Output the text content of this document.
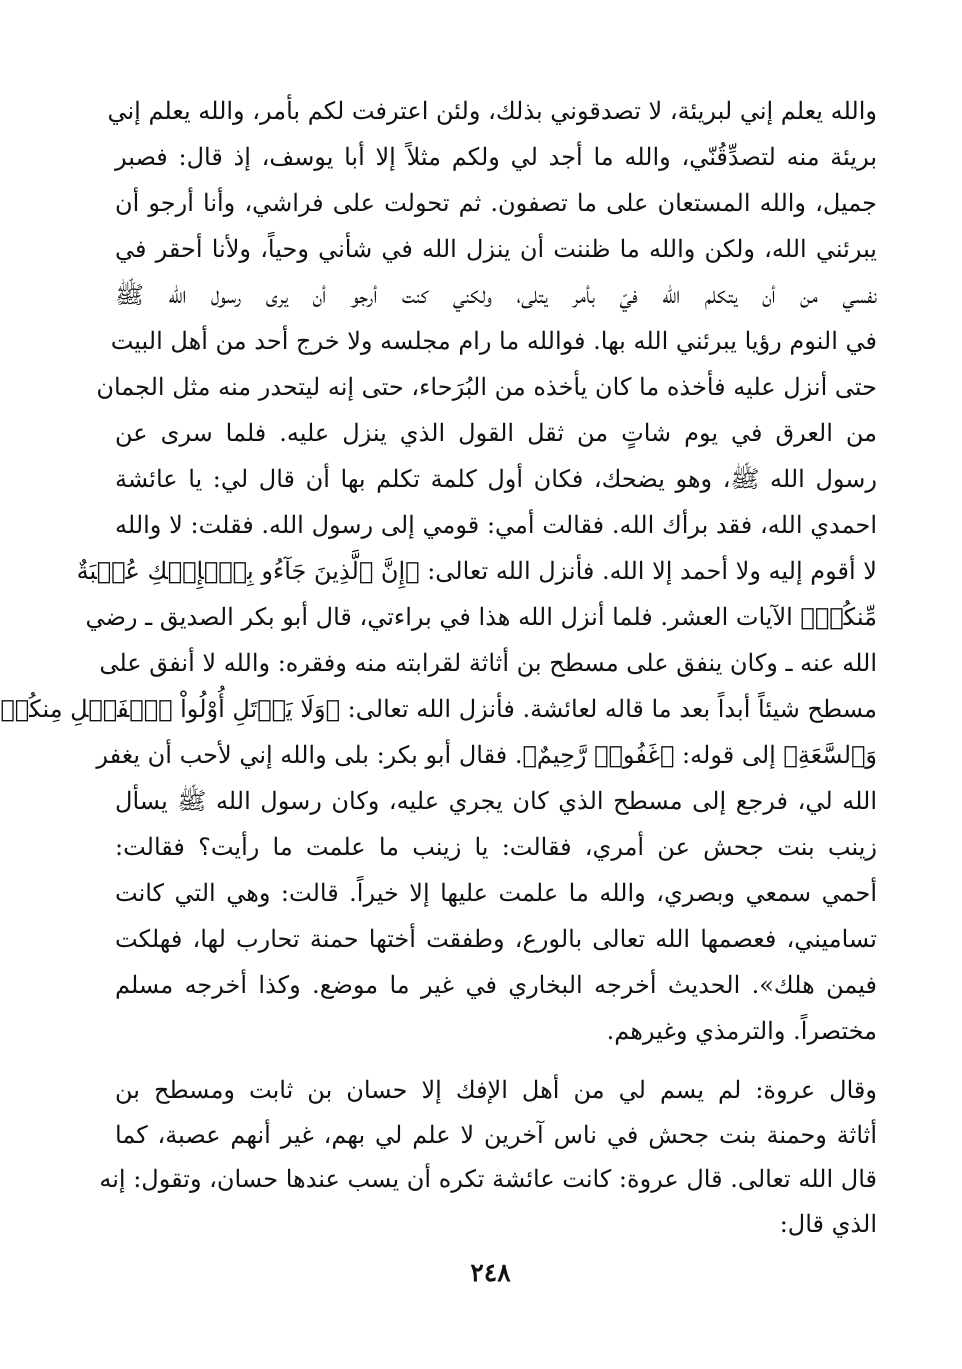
والله يعلم إني لبريئة، لا تصدقوني بذلك، ولئن اعترفت لكم بأمر، والله يعلم إني
بريئة منه لتصدِّقُنّي، والله ما أجد لي ولكم مثلاً إلا أبا يوسف، إذ قال: فصبر
جميل، والله المستعان على ما تصفون. ثم تحولت على فراشي، وأنا أرجو أن
يبرئني الله، ولكن والله ما ظننت أن ينزل الله في شأني وحياً، ولأنا أحقر في
نفسي من أن يتكلم الله فيّ بأمر يتلى، ولكني كنت أرجو أن يرى رسول الله ﷺ
في النوم رؤيا يبرئني الله بها. فوالله ما رام مجلسه ولا خرج أحد من أهل البيت
حتى أنزل عليه فأخذه ما كان يأخذه من البُرَحاء، حتى إنه ليتحدر منه مثل الجمان
من العرق في يوم شاتٍ من ثقل القول الذي ينزل عليه. فلما سرى عن
رسول الله ﷺ، وهو يضحك، فكان أول كلمة تكلم بها أن قال لي: يا عائشة
احمدي الله، فقد برأك الله. فقالت أمي: قومي إلى رسول الله. فقلت: لا والله
لا أقوم إليه ولا أحمد إلا الله. فأنزل الله تعالى: ﴿إِنَّ ٱلَّذِينَ جَآءُو بِٱلۡإِفۡكِ عُصۡبَةٌ
مِّنكُمۡ﴾ الآيات العشر. فلما أنزل الله هذا في براءتي، قال أبو بكر الصديق ـ رضي
الله عنه ـ وكان ينفق على مسطح بن أثاثة لقرابته منه وفقره: والله لا أنفق على
مسطح شيئاً أبداً بعد ما قاله لعائشة. فأنزل الله تعالى: ﴿وَلَا يَأۡتَلِ أُوْلُواْ ٱلۡفَضۡلِ مِنكُمۡ
وَٱلسَّعَةِ﴾ إلى قوله: ﴿غَفُورٞ رَّحِيمٌ﴾. فقال أبو بكر: بلى والله إني لأحب أن يغفر
الله لي، فرجع إلى مسطح الذي كان يجري عليه، وكان رسول الله ﷺ يسأل
زينب بنت جحش عن أمري، فقالت: يا زينب ما علمت ما رأيت؟ فقالت:
أحمي سمعي وبصري، والله ما علمت عليها إلا خيراً. قالت: وهي التي كانت
تساميني، فعصمها الله تعالى بالورع، وطفقت أختها حمنة تحارب لها، فهلكت
فيمن هلك». الحديث أخرجه البخاري في غير ما موضع. وكذا أخرجه مسلم
مختصراً. والترمذي وغيرهم.
وقال عروة: لم يسم لي من أهل الإفك إلا حسان بن ثابت ومسطح بن
أثاثة وحمنة بنت جحش في ناس آخرين لا علم لي بهم، غير أنهم عصبة، كما
قال الله تعالى. قال عروة: كانت عائشة تكره أن يسب عندها حسان، وتقول: إنه
الذي قال:
٢٤٨
